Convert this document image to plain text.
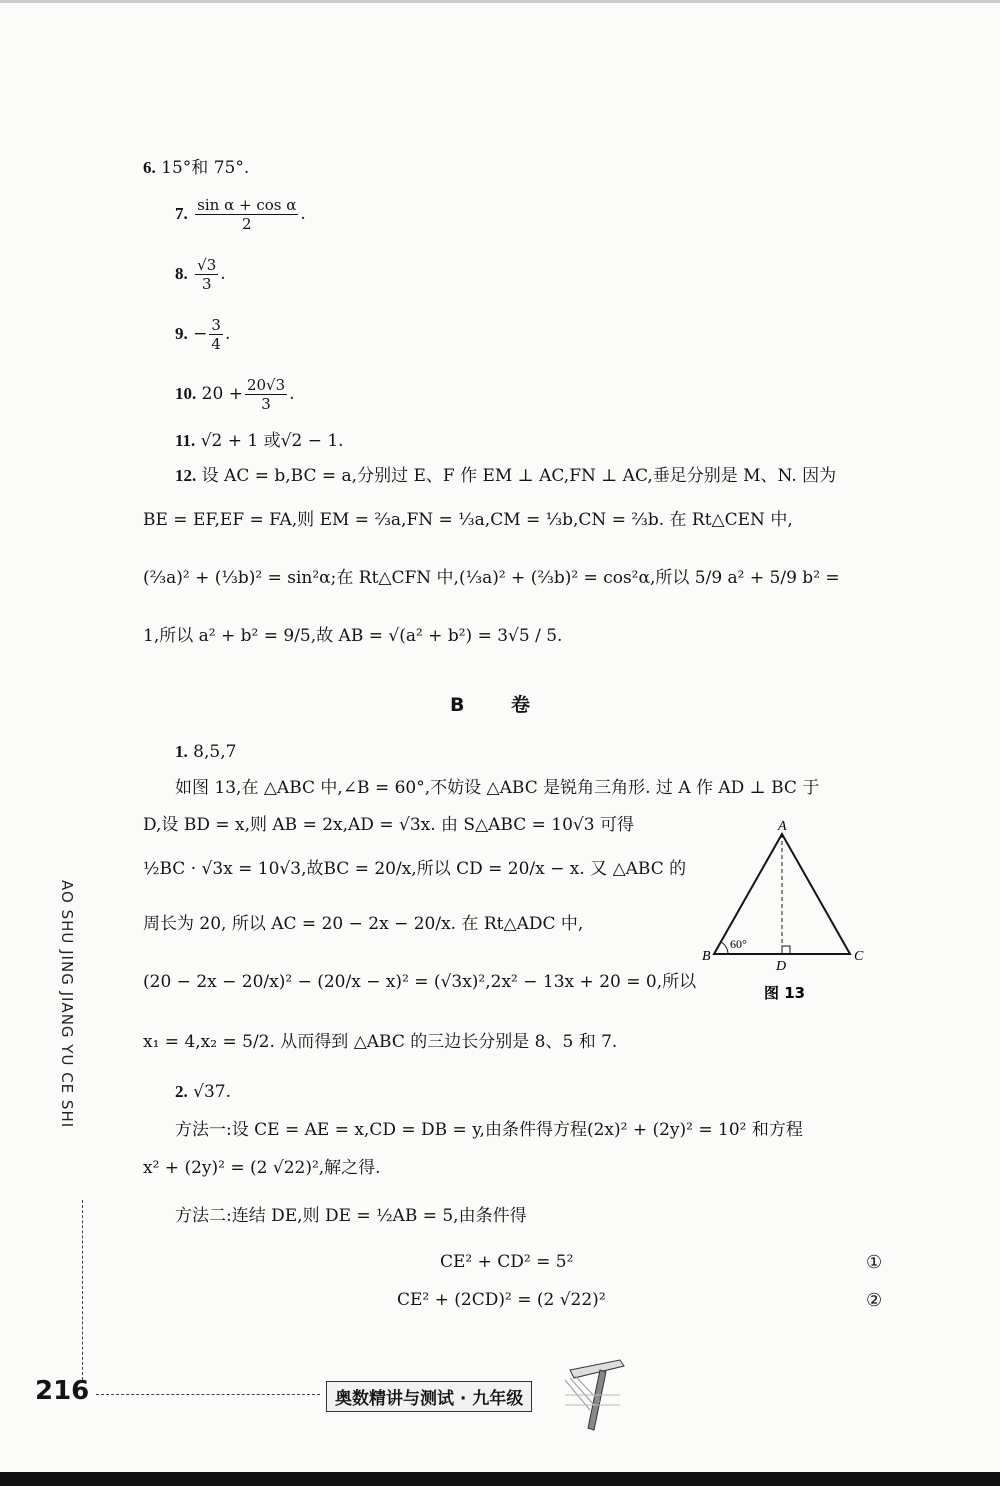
6. 15°和 75°.
7. $\frac{\text{sin α + cos α}}{2}$ .
8. $\frac{√3}{3}$ .
9. − $\frac{3}{4}$ .
10. $20 + \frac{20√3}{3}$ .
11. √2 + 1 或√2 − 1.
12. 设 AC = b,BC = a,分别过 E、F 作 EM ⊥ AC,FN ⊥ AC,垂足分别是 M、N. 因为
BE = EF,EF = FA,则 EM = ⅔a,FN = ⅓a,CM = ⅓b,CN = ⅔b. 在 Rt△CEN 中,
(⅔a)² + (⅓b)² = sin²α;在 Rt△CFN 中,(⅓a)² + (⅔b)² = cos²α,所以 5/9 a² + 5/9 b² =
1,所以 a² + b² = 9/5,故 AB = √(a² + b²) = 3√5 / 5.
B 卷
1. 8,5,7
如图 13,在 △ABC 中,∠B = 60°,不妨设 △ABC 是锐角三角形. 过 A 作 AD ⊥ BC 于
D,设 BD = x,则 AB = 2x,AD = √3x. 由 S△ABC = 10√3 可得
½BC · √3x = 10√3,故BC = 20/x,所以 CD = 20/x − x. 又 △ABC 的
周长为 20, 所以 AC = 20 − 2x − 20/x. 在 Rt△ADC 中,
(20 − 2x − 20/x)² − (20/x − x)² = (√3x)²,2x² − 13x + 20 = 0,所以
x₁ = 4,x₂ = 5/2. 从而得到 △ABC 的三边长分别是 8、5 和 7.
A
B	C
D
60°
图 13
2. √37.
方法一:设 CE = AE = x,CD = DB = y,由条件得方程(2x)² + (2y)² = 10² 和方程
x² + (2y)² = (2 √22)²,解之得.
方法二:连结 DE,则 DE = ½AB = 5,由条件得
CE² + CD² = 5²	①
CE² + (2CD)² = (2 √22)²	②
AO SHU JING JIANG YU CE SHI
216	奥数精讲与测试 · 九年级
